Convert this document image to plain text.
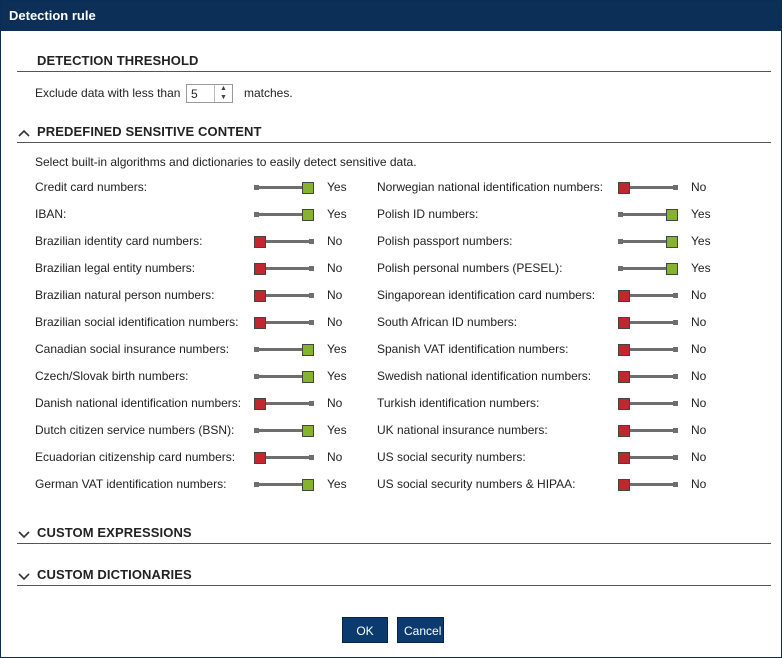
Detection rule
DETECTION THRESHOLD
Exclude data with less than 5	▲
▼	matches.
PREDEFINED SENSITIVE CONTENT
Select built-in algorithms and dictionaries to easily detect sensitive data.
Credit card numbers:	Yes
IBAN:	Yes
Brazilian identity card numbers:	No
Brazilian legal entity numbers:	No
Brazilian natural person numbers:	No
Brazilian social identification numbers:	No
Canadian social insurance numbers:	Yes
Czech/Slovak birth numbers:	Yes
Danish national identification numbers:	No
Dutch citizen service numbers (BSN):	Yes
Ecuadorian citizenship card numbers:	No
German VAT identification numbers:	Yes
Norwegian national identification numbers:	No
Polish ID numbers:	Yes
Polish passport numbers:	Yes
Polish personal numbers (PESEL):	Yes
Singaporean identification card numbers:	No
South African ID numbers:	No
Spanish VAT identification numbers:	No
Swedish national identification numbers:	No
Turkish identification numbers:	No
UK national insurance numbers:	No
US social security numbers:	No
US social security numbers & HIPAA:	No
CUSTOM EXPRESSIONS
CUSTOM DICTIONARIES
OK	Cancel
